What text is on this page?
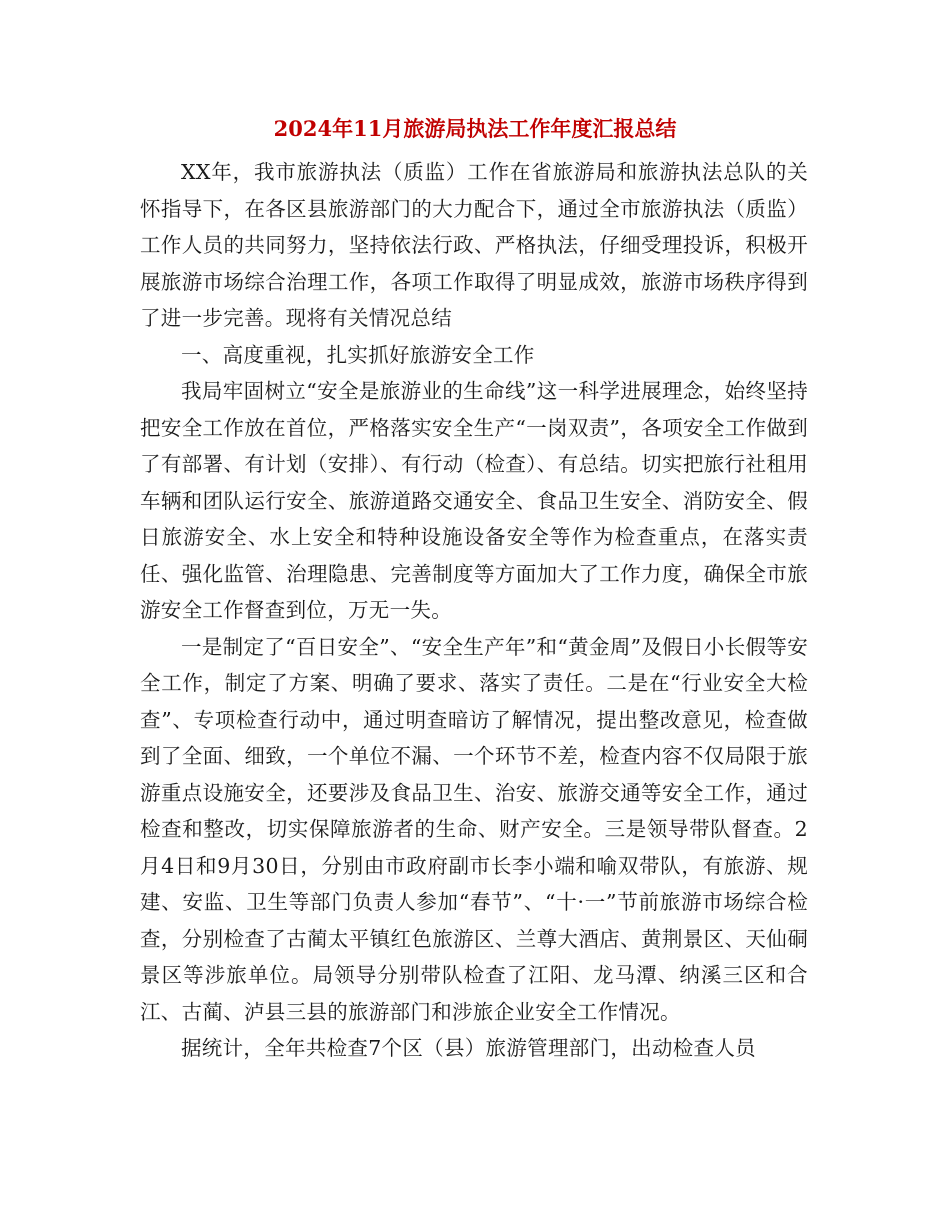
2024年11月旅游局执法工作年度汇报总结

XX年，我市旅游执法（质监）工作在省旅游局和旅游执法总队的关怀指导下，在各区县旅游部门的大力配合下，通过全市旅游执法（质监）工作人员的共同努力，坚持依法行政、严格执法，仔细受理投诉，积极开展旅游市场综合治理工作，各项工作取得了明显成效，旅游市场秩序得到了进一步完善。现将有关情况总结

一、高度重视，扎实抓好旅游安全工作

我局牢固树立“安全是旅游业的生命线”这一科学进展理念，始终坚持把安全工作放在首位，严格落实安全生产“一岗双责”，各项安全工作做到了有部署、有计划（安排）、有行动（检查）、有总结。切实把旅行社租用车辆和团队运行安全、旅游道路交通安全、食品卫生安全、消防安全、假日旅游安全、水上安全和特种设施设备安全等作为检查重点，在落实责任、强化监管、治理隐患、完善制度等方面加大了工作力度，确保全市旅游安全工作督查到位，万无一失。

一是制定了“百日安全”、“安全生产年”和“黄金周”及假日小长假等安全工作，制定了方案、明确了要求、落实了责任。二是在“行业安全大检查”、专项检查行动中，通过明查暗访了解情况，提出整改意见，检查做到了全面、细致，一个单位不漏、一个环节不差，检查内容不仅局限于旅游重点设施安全，还要涉及食品卫生、治安、旅游交通等安全工作，通过检查和整改，切实保障旅游者的生命、财产安全。三是领导带队督查。2月4日和9月30日，分别由市政府副市长李小端和喻双带队，有旅游、规建、安监、卫生等部门负责人参加“春节”、“十·一”节前旅游市场综合检查，分别检查了古蔺太平镇红色旅游区、兰尊大酒店、黄荆景区、天仙硐景区等涉旅单位。局领导分别带队检查了江阳、龙马潭、纳溪三区和合江、古蔺、泸县三县的旅游部门和涉旅企业安全工作情况。

据统计，全年共检查7个区（县）旅游管理部门，出动检查人员
